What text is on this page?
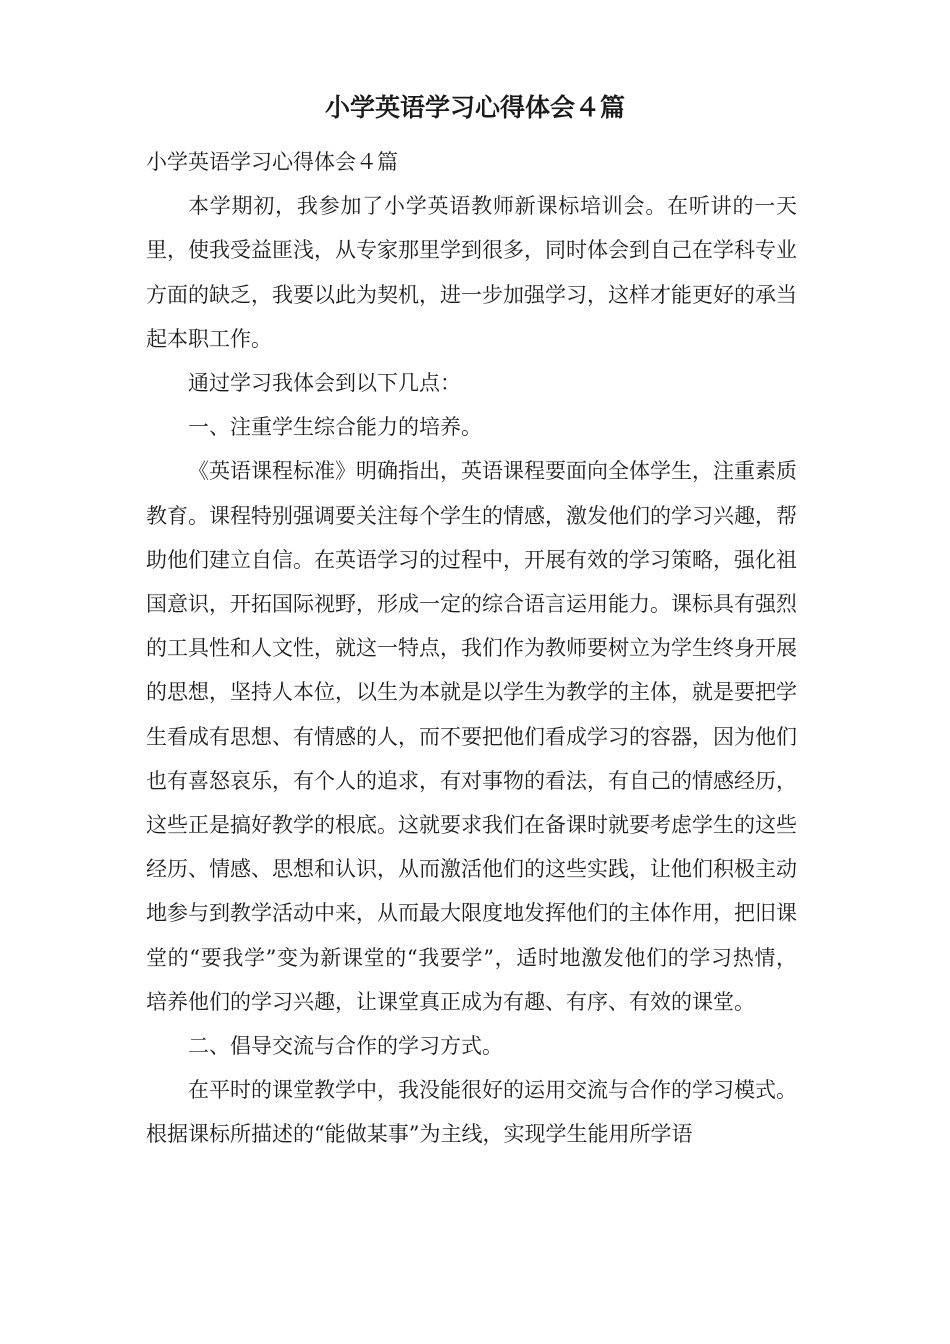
小学英语学习心得体会４篇

小学英语学习心得体会４篇

本学期初，我参加了小学英语教师新课标培训会。在听讲的一天里，使我受益匪浅，从专家那里学到很多，同时体会到自己在学科专业方面的缺乏，我要以此为契机，进一步加强学习，这样才能更好的承当起本职工作。

通过学习我体会到以下几点：

一、注重学生综合能力的培养。

《英语课程标准》明确指出，英语课程要面向全体学生，注重素质教育。课程特别强调要关注每个学生的情感，激发他们的学习兴趣，帮助他们建立自信。在英语学习的过程中，开展有效的学习策略，强化祖国意识，开拓国际视野，形成一定的综合语言运用能力。课标具有强烈的工具性和人文性，就这一特点，我们作为教师要树立为学生终身开展的思想，坚持人本位，以生为本就是以学生为教学的主体，就是要把学生看成有思想、有情感的人，而不要把他们看成学习的容器，因为他们也有喜怒哀乐，有个人的追求，有对事物的看法，有自己的情感经历，这些正是搞好教学的根底。这就要求我们在备课时就要考虑学生的这些经历、情感、思想和认识，从而激活他们的这些实践，让他们积极主动地参与到教学活动中来，从而最大限度地发挥他们的主体作用，把旧课堂的“要我学”变为新课堂的“我要学”，适时地激发他们的学习热情，培养他们的学习兴趣，让课堂真正成为有趣、有序、有效的课堂。

二、倡导交流与合作的学习方式。

在平时的课堂教学中，我没能很好的运用交流与合作的学习模式。根据课标所描述的“能做某事”为主线，实现学生能用所学语
